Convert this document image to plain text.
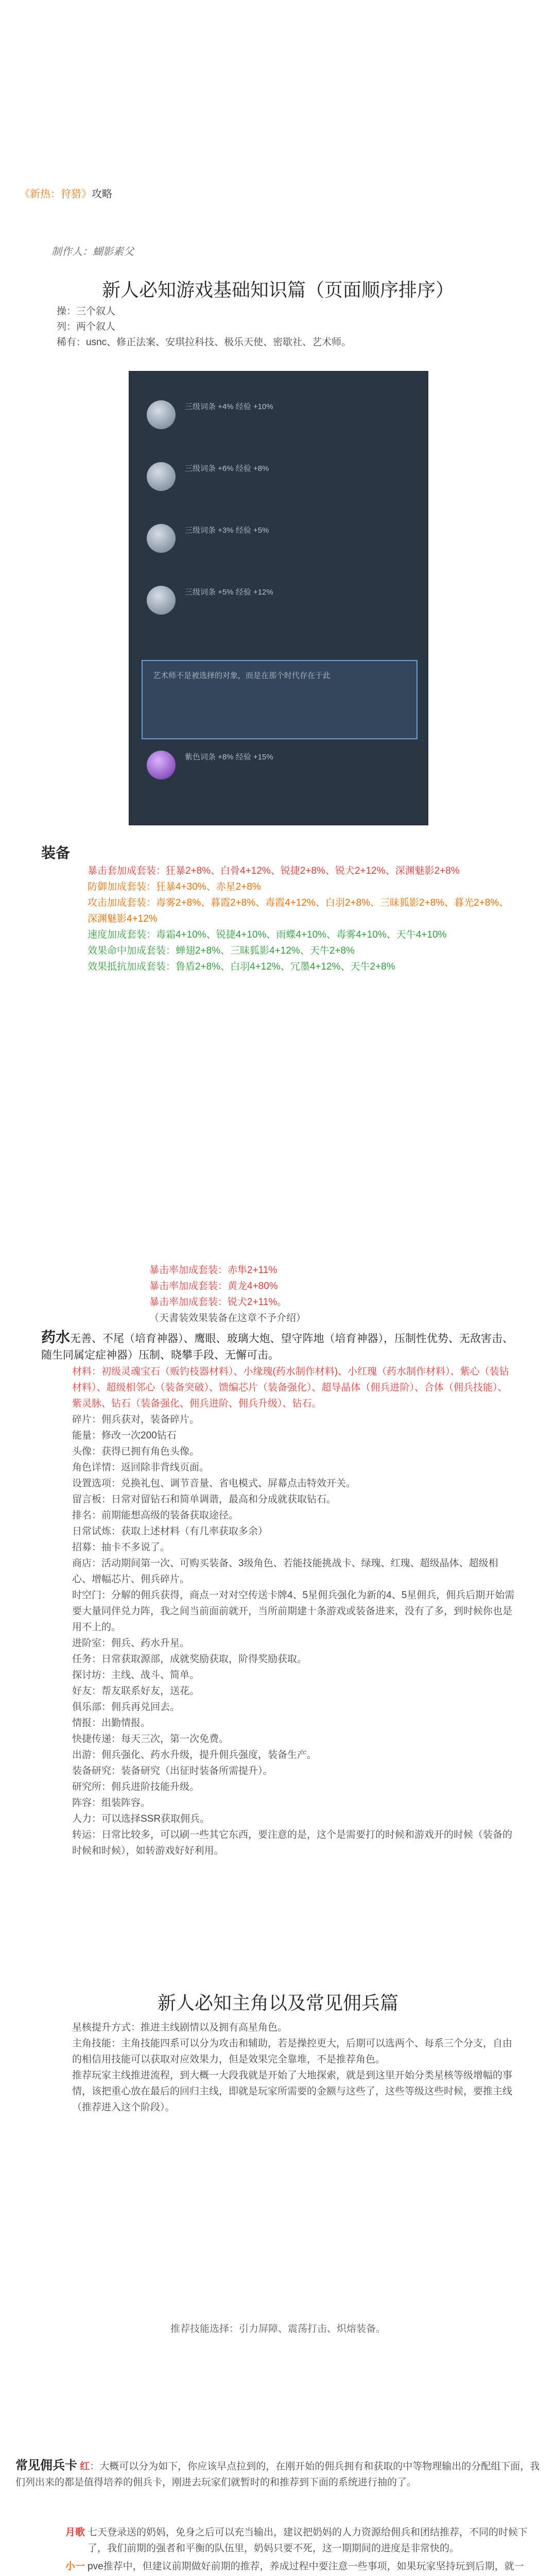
《新热：狩猎》攻略
制作人：蝴影素父
新人必知游戏基础知识篇（页面顺序排序）
操：三个叙人
列：两个叙人
稀有：usnc、修正法案、安琪拉科技、极乐天使、密歇社、艺术师。
三级词条 +4% 经验 +10%
三级词条 +6% 经验 +8%
三级词条 +3% 经验 +5%
三级词条 +5% 经验 +12%
艺术师不是被选择的对象，而是在那个时代存在于此
紫色词条 +8% 经验 +15%
装备
暴击套加成套装：狂暴2+8%、白骨4+12%、锐捷2+8%、锐犬2+12%、深渊魅影2+8%
防御加成套装：狂暴4+30%、赤星2+8%
攻击加成套装：毒雾2+8%、暮霞2+8%、毒霞4+12%、白羽2+8%、三昧狐影2+8%、暮光2+8%、深渊魅影4+12%
速度加成套装：毒霜4+10%、锐捷4+10%、雨蝶4+10%、毒雾4+10%、天牛4+10%
效果命中加成套装：蝉翅2+8%、三昧狐影4+12%、天牛2+8%
效果抵抗加成套装：鲁盾2+8%、白羽4+12%、冗墨4+12%、天牛2+8%
暴击率加成套装：赤隼2+11%
暴击率加成套装：黄龙4+80%
暴击率加成套装：锐犬2+11%。
（天書装效果装备在这章不予介绍）
药水无善、不尾（培育神器）、鹰眼、玻璃大炮、望守阵地（培育神器），压制性优势、无敌害击、随生同属定症神器）压制、晓攀手段、无懈可击。
材料：初级灵魂宝石（贩钓枝器材料）、小缘瑰(药水制作材料)、小红瑰（药水制作材料）、紫心（装钻材料）、超级相邻心（装备突破）、馈编芯片（装备强化）、超导晶体（佣兵进阶）、合体（佣兵技能）、紫灵脉、钻石（装备强化、佣兵进阶、佣兵升级）、钻石。
碎片：佣兵获对，装备碎片。
能量：修改一次200钻石
头像：获得已拥有角色头像。
角色详情：返回除非背线页面。
设置选项：兑换礼包、调节音量、省电模式、屏幕点击特效开关。
留言板：日常对留钻石和简单调谐，最高和分成就获取钻石。
排名：前期能想高级的装备获取途径。
日常试炼：获取上述材料（有几率获取多余）
招募：抽卡不多说了。
商店：活动期间第一次、可购买装备、3级角色、若能技能挑战卡、绿瑰、红瑰、超级晶体、超级相心、增幅芯片、佣兵碎片。
时空门：分解的佣兵获得，商点一对对空传送卡牌4、5星佣兵强化为新的4、5星佣兵，佣兵后期开始需要大量同伴兑力阵，我之间当前面前就开，当所前期建十条游戏或装备进来，没有了多，到时候你也是用不上的。
进阶室：佣兵、药水升星。
任务：日常获取源部，成就奖励获取，阶得奖励获取。
探讨坊：主线、战斗、简单。
好友：帮友联系好友，送花。
俱乐部：佣兵再兑回去。
情报：出勤情报。
快捷传递：每天三次，第一次免费。
出游：佣兵强化、药水升级，提升佣兵强度，装备生产。
装备研究：装备研究（出征时装备所需提升）。
研究所：佣兵进阶技能升级。
阵容：组装阵容。
人力：可以选择SSR获取佣兵。
转运：日常比较多，可以刷一些其它东西，要注意的是，这个是需要打的时候和游戏开的时候（装备的时候和时候），如转游戏好好利用。
新人必知主角以及常见佣兵篇
星核提升方式：推进主线剧情以及拥有高星角色。
主角技能：主角技能四系可以分为攻击和辅助，若是操控更大，后期可以选两个、每系三个分支，自由的相信用技能可以获取对应效果力，但是效果完全靠堆，不是推荐角色。
推荐玩家主线推进流程，到大概一大段我就是开始了大地探索，就是到这里开始分类星核等级增幅的事情，该把重心放在最后的回归主线，即就是玩家所需要的金额与这些了，这些等级这些时候，要推主线（推荐进入这个阶段）。
推荐技能选择：引力屏障、震荡打击、炽熔装备。
常见佣兵卡 红：大概可以分为如下，你应该早点拉到的，在刚开始的佣兵拥有和获取的中等物理输出的分配组下面，我们列出来的都是值得培养的佣兵卡，刚进去玩家们就暂时的和推荐到下面的系统进行抽的了。
月歌 七天登录送的奶妈，免身之后可以充当输出，建议把奶妈的人力资源给佣兵和团结推荐，不同的时候下了，我们前期的强者和平衡的队伍里，奶妈只要不死，这一期期间的进度是非常快的。
小一 pve推荐中，但建议前期做好前期的推荐，养成过程中要注意一些事项，如果玩家坚持玩到后期，就一
